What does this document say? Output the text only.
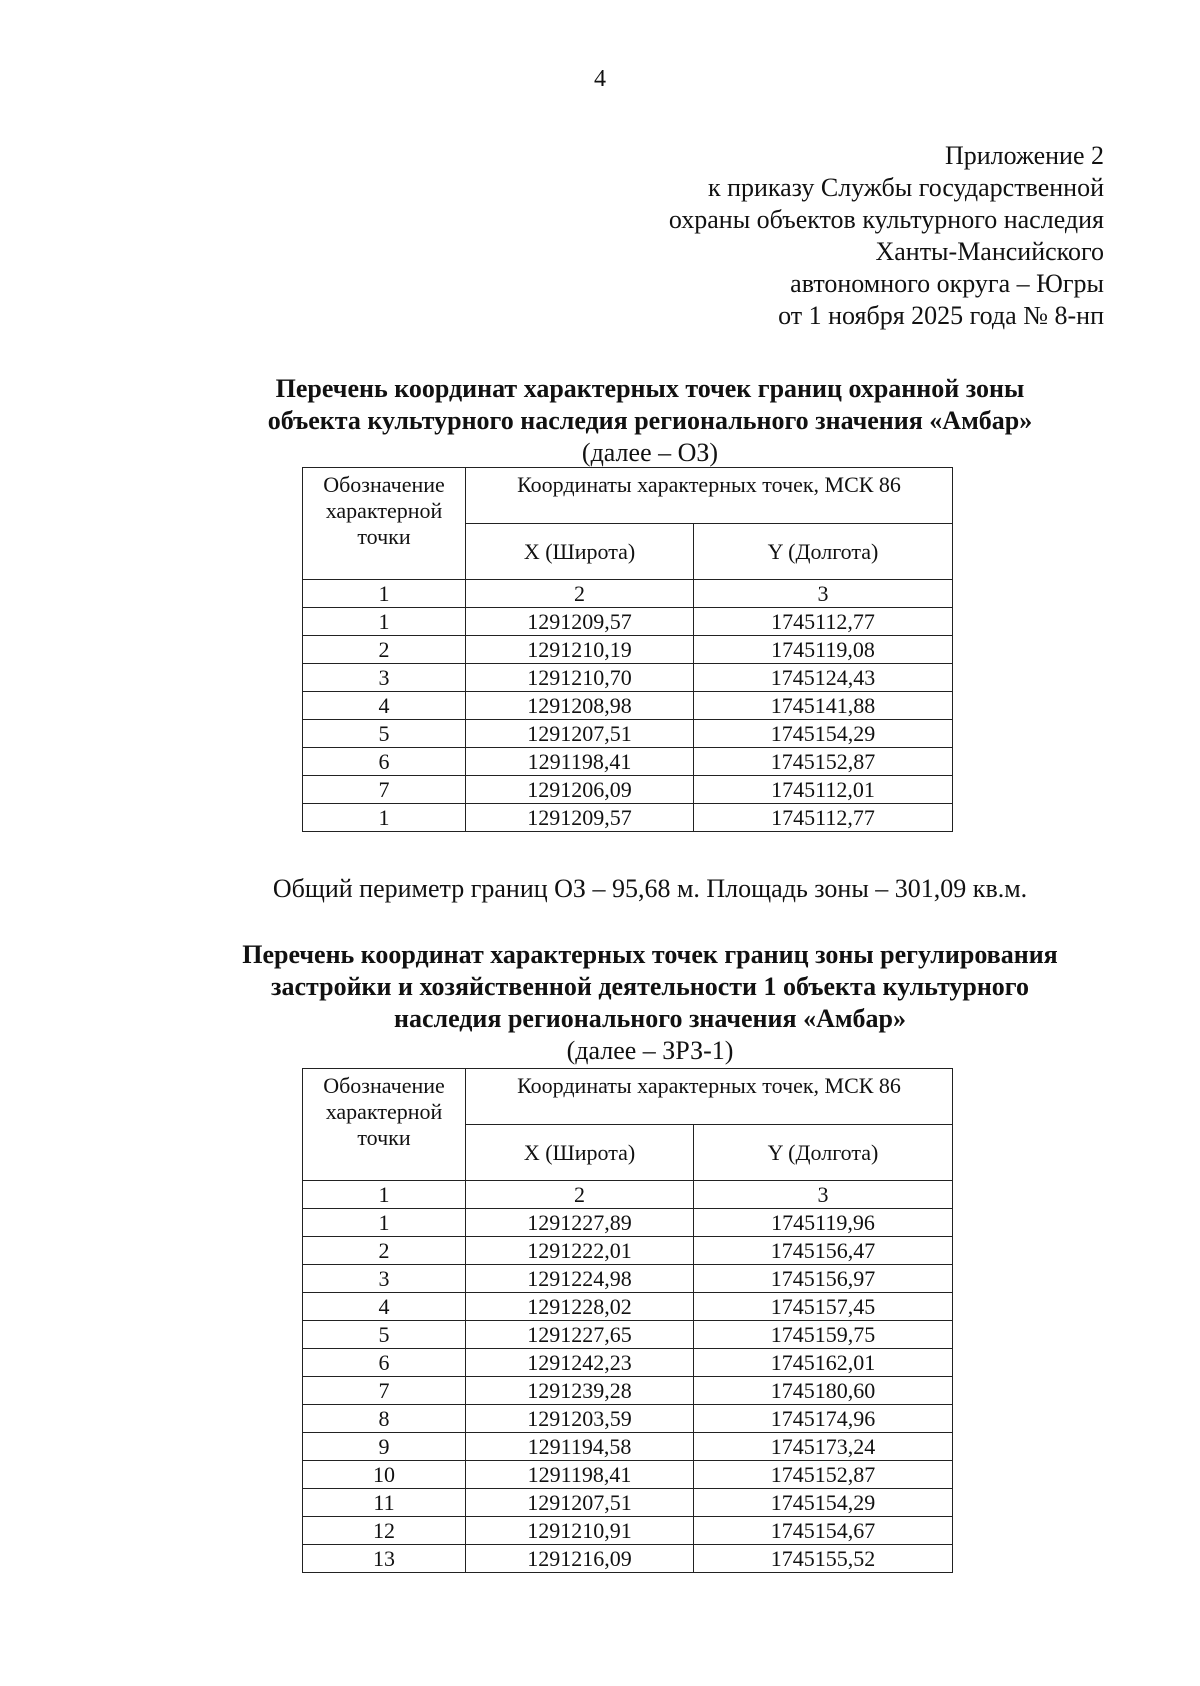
4
Приложение 2
к приказу Службы государственной
охраны объектов культурного наследия
Ханты-Мансийского
автономного округа – Югры
от 1 ноября 2025 года № 8-нп
Перечень координат характерных точек границ охранной зоны
объекта культурного наследия регионального значения «Амбар»
(далее – ОЗ)
Обозначение характерной точки	Координаты характерных точек, МСК 86	
	X (Широта)	Y (Долгота)
1	2	3
1	1291209,57	1745112,77
2	1291210,19	1745119,08
3	1291210,70	1745124,43
4	1291208,98	1745141,88
5	1291207,51	1745154,29
6	1291198,41	1745152,87
7	1291206,09	1745112,01
1	1291209,57	1745112,77
Общий периметр границ ОЗ – 95,68 м. Площадь зоны – 301,09 кв.м.
Перечень координат характерных точек границ зоны регулирования
застройки и хозяйственной деятельности 1 объекта культурного
наследия регионального значения «Амбар»
(далее – ЗРЗ-1)
Обозначение характерной точки	Координаты характерных точек, МСК 86	
	X (Широта)	Y (Долгота)
1	2	3
1	1291227,89	1745119,96
2	1291222,01	1745156,47
3	1291224,98	1745156,97
4	1291228,02	1745157,45
5	1291227,65	1745159,75
6	1291242,23	1745162,01
7	1291239,28	1745180,60
8	1291203,59	1745174,96
9	1291194,58	1745173,24
10	1291198,41	1745152,87
11	1291207,51	1745154,29
12	1291210,91	1745154,67
13	1291216,09	1745155,52
